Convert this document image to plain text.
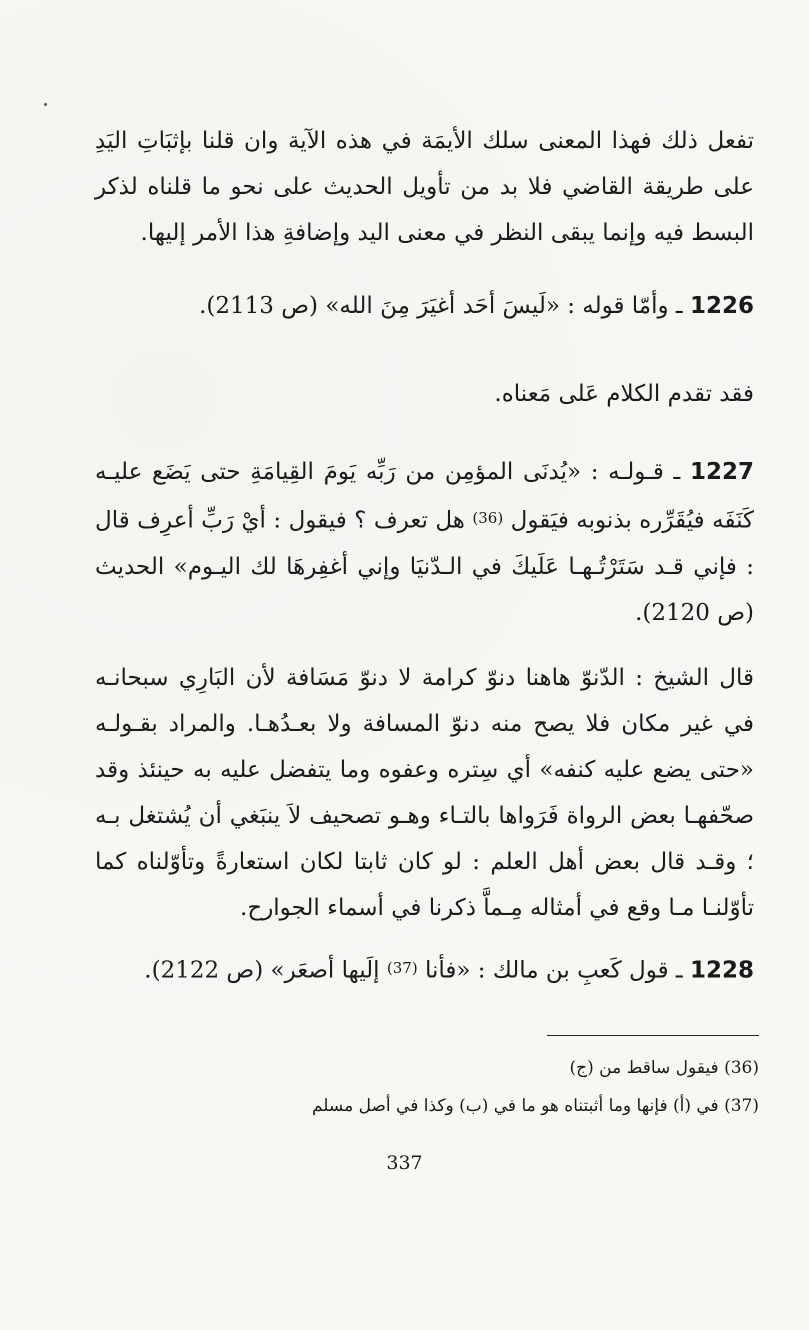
تفعل ذلك فهذا المعنى سلك الأيمَة في هذه الآية وان قلنا بإثبَاتِ اليَدِ على طريقة القاضي فلا بد من تأويل الحديث على نحو ما قلناه لذكر البسط فيه وإنما يبقى النظر في معنى اليد وإضافةِ هذا الأمر إليها.
1226 ـ وأمّا قوله : «لَيسَ أحَد أغيَرَ مِنَ الله» (ص 2113).
فقد تقدم الكلام عَلى مَعناه.
1227 ـ قـولـه : «يُدنَى المؤمِن من رَبِّه يَومَ القِيامَةِ حتى يَضَع عليـه كَنَفَه فيُقَرِّره بذنوبه فيَقول (36) هل تعرف ؟ فيقول : أيْ رَبِّ أعرِف قال : فإني قـد سَتَرْتُـهـا عَلَيكَ في الـدّنيَا وإني أغفِرهَا لك اليـوم» الحديث (ص 2120).
قال الشيخ : الدّنوّ هاهنا دنوّ كرامة لا دنوّ مَسَافة لأن البَارِي سبحانـه في غير مكان فلا يصح منه دنوّ المسافة ولا بعـدُهـا. والمراد بقـولـه «حتى يضع عليه كنفه» أي سِتره وعفوه وما يتفضل عليه به حينئذ وقد صحّفهـا بعض الرواة فَرَواها بالتـاء وهـو تصحيف لاَ ينبَغي أن يُشتغل بـه ؛ وقـد قال بعض أهل العلم : لو كان ثابتا لكان استعارةً وتأوّلناه كما تأوّلنـا مـا وقع في أمثاله مِـماَّ ذكرنا في أسماء الجوارح.
1228 ـ قول كَعبِ بن مالك : «فأنا (37) إلَيها أصعَر» (ص 2122).
(36) فيقول ساقط من (ج)
(37) في (أ) فإنها وما أثبتناه هو ما في (ب) وكذا في أصل مسلم
337
